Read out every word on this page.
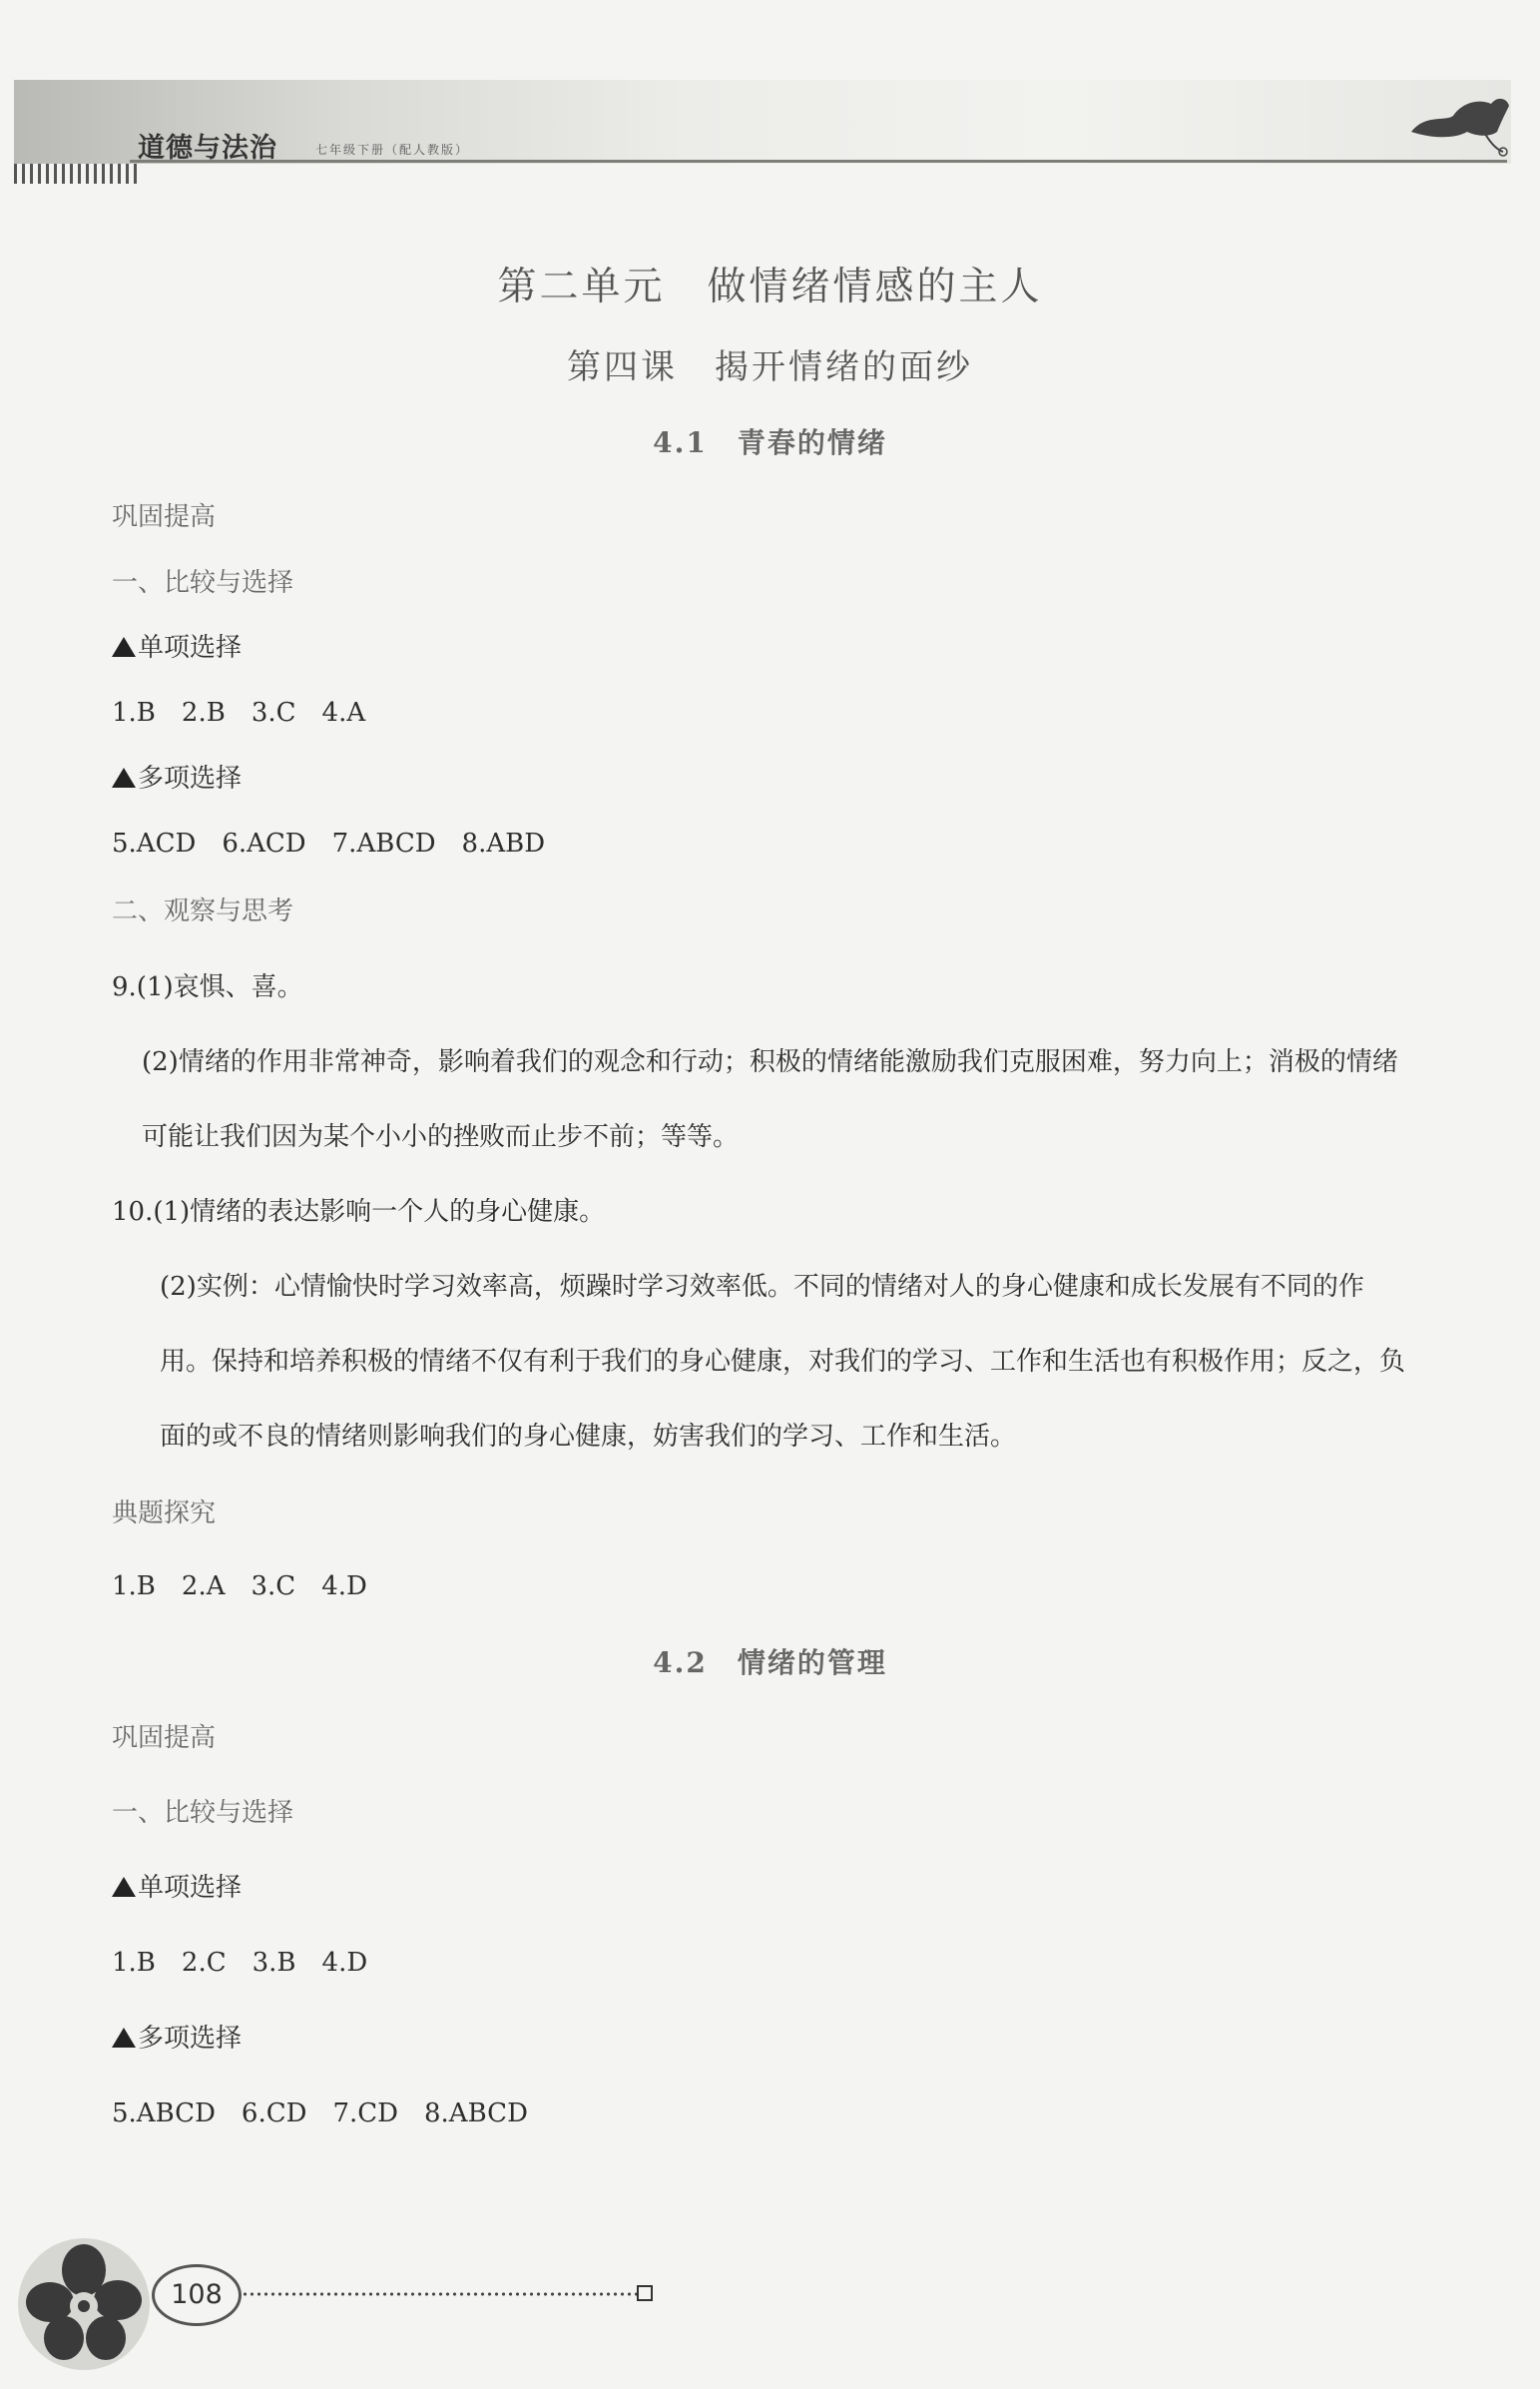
道德与法治	七年级下册（配人教版）
第二单元　做情绪情感的主人
第四课　揭开情绪的面纱
4.1　青春的情绪
巩固提高
一、比较与选择
单项选择
1.B　2.B　3.C　4.A
多项选择
5.ACD　6.ACD　7.ABCD　8.ABD
二、观察与思考
9.(1)哀惧、喜。
(2)情绪的作用非常神奇，影响着我们的观念和行动；积极的情绪能激励我们克服困难，努力向上；消极的情绪
可能让我们因为某个小小的挫败而止步不前；等等。
10.(1)情绪的表达影响一个人的身心健康。
(2)实例：心情愉快时学习效率高，烦躁时学习效率低。不同的情绪对人的身心健康和成长发展有不同的作
用。保持和培养积极的情绪不仅有利于我们的身心健康，对我们的学习、工作和生活也有积极作用；反之，负
面的或不良的情绪则影响我们的身心健康，妨害我们的学习、工作和生活。
典题探究
1.B　2.A　3.C　4.D
4.2　情绪的管理
巩固提高
一、比较与选择
单项选择
1.B　2.C　3.B　4.D
多项选择
5.ABCD　6.CD　7.CD　8.ABCD
108
